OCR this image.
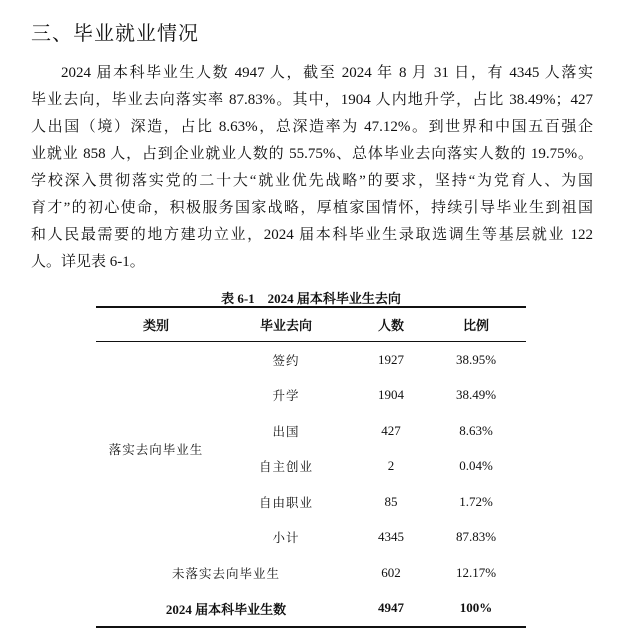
三、毕业就业情况
2024 届本科毕业生人数 4947 人，截至 2024 年 8 月 31 日，有 4345 人落实
毕业去向，毕业去向落实率 87.83%。其中，1904 人内地升学，占比 38.49%；427
人出国（境）深造，占比 8.63%，总深造率为 47.12%。到世界和中国五百强企
业就业 858 人，占到企业就业人数的 55.75%、总体毕业去向落实人数的 19.75%。
学校深入贯彻落实党的二十大“就业优先战略”的要求，坚持“为党育人、为国
育才”的初心使命，积极服务国家战略，厚植家国情怀，持续引导毕业生到祖国
和人民最需要的地方建功立业，2024 届本科毕业生录取选调生等基层就业 122
人。详见表 6-1。
表 6-1　2024 届本科毕业生去向
类别	毕业去向	人数	比例
落实去向毕业生	签约	1927	38.95%
	升学	1904	38.49%
	出国	427	8.63%
	自主创业	2	0.04%
	自由职业	85	1.72%
	小计	4345	87.83%
未落实去向毕业生		602	12.17%
2024 届本科毕业生数		4947	100%
